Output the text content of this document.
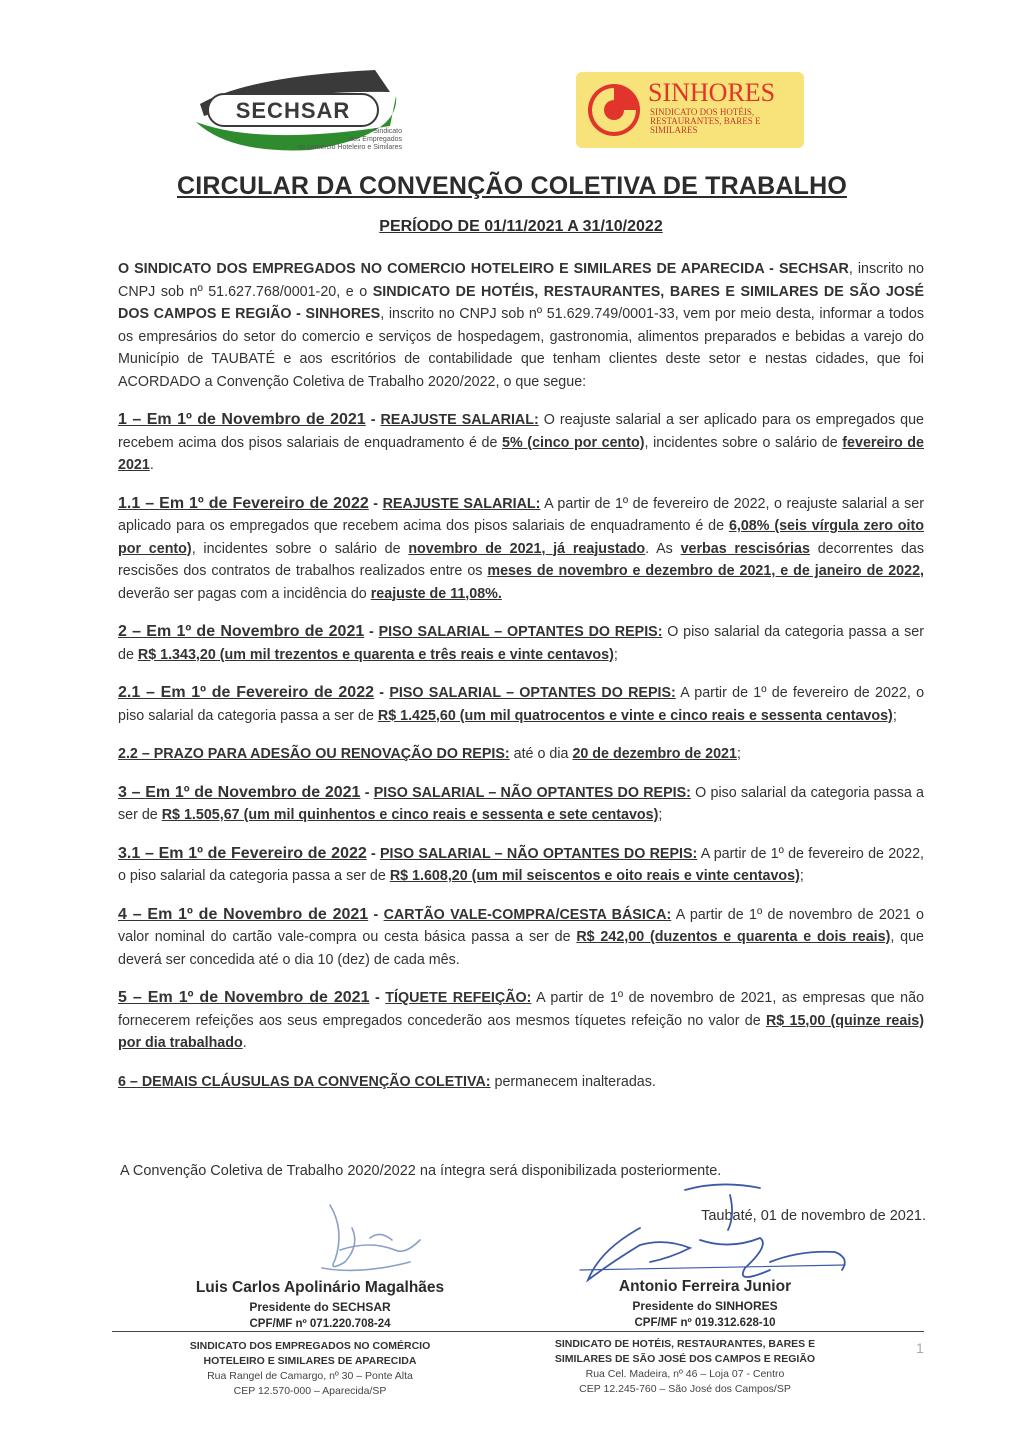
SECHSAR
Sindicato
dos Empregados
no comercio Hoteleiro e Similares
SINHORES
SINDICATO DOS HOTÉIS, RESTAURANTES, BARES E SIMILARES
CIRCULAR DA CONVENÇÃO COLETIVA DE TRABALHO
PERÍODO DE 01/11/2021 A 31/10/2022

O SINDICATO DOS EMPREGADOS NO COMERCIO HOTELEIRO E SIMILARES DE APARECIDA - SECHSAR, inscrito no CNPJ sob nº 51.627.768/0001-20, e o SINDICATO DE HOTÉIS, RESTAURANTES, BARES E SIMILARES DE SÃO JOSÉ DOS CAMPOS E REGIÃO - SINHORES, inscrito no CNPJ sob nº 51.629.749/0001-33, vem por meio desta, informar a todos os empresários do setor do comercio e serviços de hospedagem, gastronomia, alimentos preparados e bebidas a varejo do Município de TAUBATÉ e aos escritórios de contabilidade que tenham clientes deste setor e nestas cidades, que foi ACORDADO a Convenção Coletiva de Trabalho 2020/2022, o que segue:

1 – Em 1º de Novembro de 2021 - REAJUSTE SALARIAL: O reajuste salarial a ser aplicado para os empregados que recebem acima dos pisos salariais de enquadramento é de 5% (cinco por cento), incidentes sobre o salário de fevereiro de 2021.

1.1 – Em 1º de Fevereiro de 2022 - REAJUSTE SALARIAL: A partir de 1º de fevereiro de 2022, o reajuste salarial a ser aplicado para os empregados que recebem acima dos pisos salariais de enquadramento é de 6,08% (seis vírgula zero oito por cento), incidentes sobre o salário de novembro de 2021, já reajustado. As verbas rescisórias decorrentes das rescisões dos contratos de trabalhos realizados entre os meses de novembro e dezembro de 2021, e de janeiro de 2022, deverão ser pagas com a incidência do reajuste de 11,08%.

2 – Em 1º de Novembro de 2021 - PISO SALARIAL – OPTANTES DO REPIS: O piso salarial da categoria passa a ser de R$ 1.343,20 (um mil trezentos e quarenta e três reais e vinte centavos);

2.1 – Em 1º de Fevereiro de 2022 - PISO SALARIAL – OPTANTES DO REPIS: A partir de 1º de fevereiro de 2022, o piso salarial da categoria passa a ser de R$ 1.425,60 (um mil quatrocentos e vinte e cinco reais e sessenta centavos);

2.2 – PRAZO PARA ADESÃO OU RENOVAÇÃO DO REPIS: até o dia 20 de dezembro de 2021;

3 – Em 1º de Novembro de 2021 - PISO SALARIAL – NÃO OPTANTES DO REPIS: O piso salarial da categoria passa a ser de R$ 1.505,67 (um mil quinhentos e cinco reais e sessenta e sete centavos);

3.1 – Em 1º de Fevereiro de 2022 - PISO SALARIAL – NÃO OPTANTES DO REPIS: A partir de 1º de fevereiro de 2022, o piso salarial da categoria passa a ser de R$ 1.608,20 (um mil seiscentos e oito reais e vinte centavos);

4 – Em 1º de Novembro de 2021 - CARTÃO VALE-COMPRA/CESTA BÁSICA: A partir de 1º de novembro de 2021 o valor nominal do cartão vale-compra ou cesta básica passa a ser de R$ 242,00 (duzentos e quarenta e dois reais), que deverá ser concedida até o dia 10 (dez) de cada mês.

5 – Em 1º de Novembro de 2021 - TÍQUETE REFEIÇÃO: A partir de 1º de novembro de 2021, as empresas que não fornecerem refeições aos seus empregados concederão aos mesmos tíquetes refeição no valor de R$ 15,00 (quinze reais) por dia trabalhado.

6 – DEMAIS CLÁUSULAS DA CONVENÇÃO COLETIVA: permanecem inalteradas.

A Convenção Coletiva de Trabalho 2020/2022 na íntegra será disponibilizada posteriormente.
Taubaté, 01 de novembro de 2021.
Luis Carlos Apolinário Magalhães
Presidente do SECHSAR
CPF/MF nº 071.220.708-24
Antonio Ferreira Junior
Presidente do SINHORES
CPF/MF nº 019.312.628-10
SINDICATO DOS EMPREGADOS NO COMÉRCIO
HOTELEIRO E SIMILARES DE APARECIDA
Rua Rangel de Camargo, nº 30 – Ponte Alta
CEP 12.570-000 – Aparecida/SP
SINDICATO DE HOTÉIS, RESTAURANTES, BARES E
SIMILARES DE SÃO JOSÉ DOS CAMPOS E REGIÃO
Rua Cel. Madeira, nº 46 – Loja 07 - Centro
CEP 12.245-760 – São José dos Campos/SP
1
